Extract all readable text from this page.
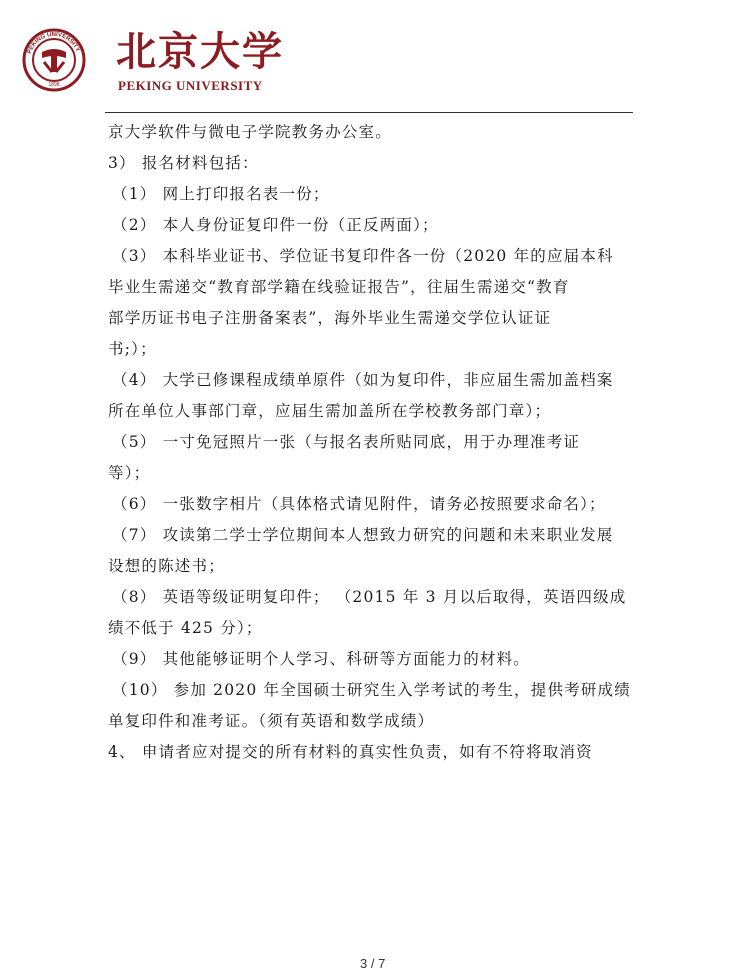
PEKING UNIVERSITY
1898
北京大学
PEKING UNIVERSITY

京大学软件与微电子学院教务办公室。

3） 报名材料包括：

（1） 网上打印报名表一份；

（2） 本人身份证复印件一份（正反两面）；

（3） 本科毕业证书、学位证书复印件各一份（2020 年的应届本科

毕业生需递交“教育部学籍在线验证报告”，往届生需递交“教育

部学历证书电子注册备案表”，海外毕业生需递交学位认证证

书;）；

（4） 大学已修课程成绩单原件（如为复印件，非应届生需加盖档案

所在单位人事部门章，应届生需加盖所在学校教务部门章）；

（5） 一寸免冠照片一张（与报名表所贴同底，用于办理准考证

等）；

（6） 一张数字相片（具体格式请见附件，请务必按照要求命名）；

（7） 攻读第二学士学位期间本人想致力研究的问题和未来职业发展

设想的陈述书；

（8） 英语等级证明复印件； （2015 年 3 月以后取得，英语四级成

绩不低于 425 分）；

（9） 其他能够证明个人学习、科研等方面能力的材料。

（10） 参加 2020 年全国硕士研究生入学考试的考生，提供考研成绩

单复印件和准考证。（须有英语和数学成绩）

4、 申请者应对提交的所有材料的真实性负责，如有不符将取消资

3 / 7
